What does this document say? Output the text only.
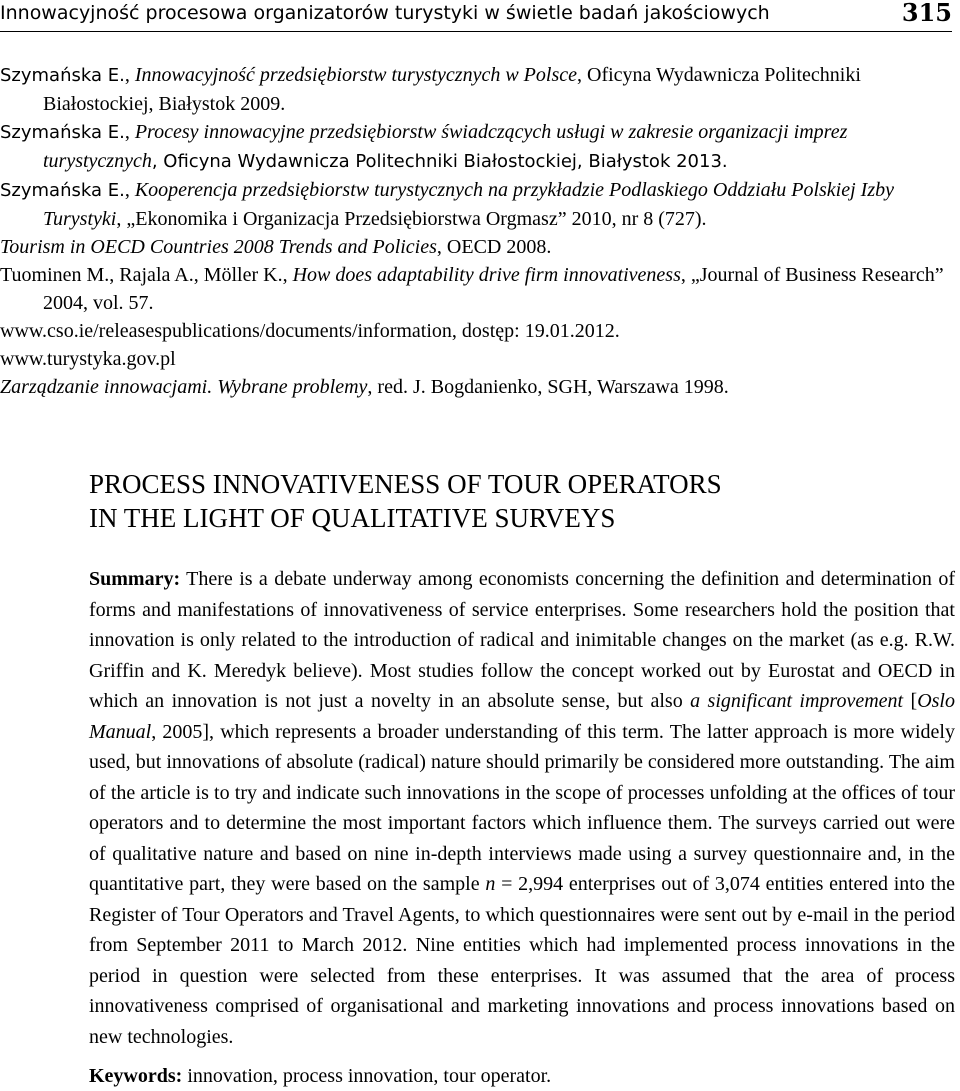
Innowacyjność procesowa organizatorów turystyki w świetle badań jakościowych	315

Szymańska E., Innowacyjność przedsiębiorstw turystycznych w Polsce, Oficyna Wydawnicza Politechniki Białostockiej, Białystok 2009.

Szymańska E., Procesy innowacyjne przedsiębiorstw świadczących usługi w zakresie organizacji imprez turystycznych, Oficyna Wydawnicza Politechniki Białostockiej, Białystok 2013.

Szymańska E., Kooperencja przedsiębiorstw turystycznych na przykładzie Podlaskiego Oddziału Polskiej Izby Turystyki, „Ekonomika i Organizacja Przedsiębiorstwa Orgmasz” 2010, nr 8 (727).

Tourism in OECD Countries 2008 Trends and Policies, OECD 2008.

Tuominen M., Rajala A., Möller K., How does adaptability drive firm innovativeness, „Journal of Business Research” 2004, vol. 57.

www.cso.ie/releasespublications/documents/information, dostęp: 19.01.2012.

www.turystyka.gov.pl

Zarządzanie innowacjami. Wybrane problemy, red. J. Bogdanienko, SGH, Warszawa 1998.

PROCESS INNOVATIVENESS OF TOUR OPERATORS
IN THE LIGHT OF QUALITATIVE SURVEYS

Summary: There is a debate underway among economists concerning the definition and determination of forms and manifestations of innovativeness of service enterprises. Some researchers hold the position that innovation is only related to the introduction of radical and inimitable changes on the market (as e.g. R.W. Griffin and K. Meredyk believe). Most studies follow the concept worked out by Eurostat and OECD in which an innovation is not just a novelty in an absolute sense, but also a significant improvement [Oslo Manual, 2005], which represents a broader understanding of this term. The latter approach is more widely used, but innovations of absolute (radical) nature should primarily be considered more outstanding. The aim of the article is to try and indicate such innovations in the scope of processes unfolding at the offices of tour operators and to determine the most important factors which influence them. The surveys carried out were of qualitative nature and based on nine in-depth interviews made using a survey questionnaire and, in the quantitative part, they were based on the sample n = 2,994 enterprises out of 3,074 entities entered into the Register of Tour Operators and Travel Agents, to which questionnaires were sent out by e-mail in the period from September 2011 to March 2012. Nine entities which had implemented process innovations in the period in question were selected from these enterprises. It was assumed that the area of process innovativeness comprised of organisational and marketing innovations and process innovations based on new technologies.

Keywords: innovation, process innovation, tour operator.
